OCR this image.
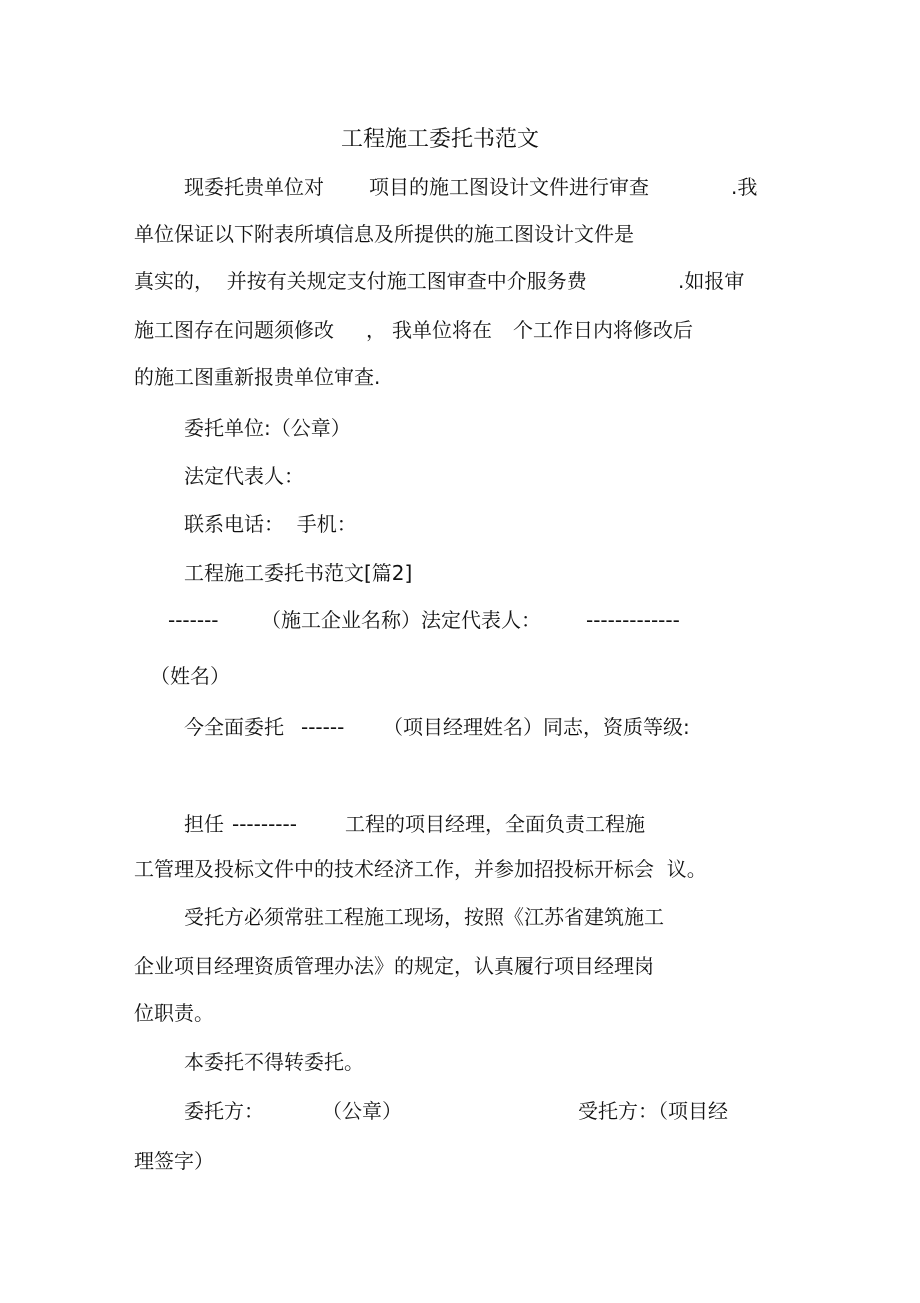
工程施工委托书范文
现委托贵单位对 项目的施工图设计文件进行审查	.我
单位保证以下附表所填信息及所提供的施工图设计文件是
真实的，  并按有关规定支付施工图审查中介服务费	.如报审
施工图存在问题须修改 ， 我单位将在 个工作日内将修改后
的施工图重新报贵单位审查.
委托单位:（公章）
法定代表人：
联系电话：  手机：
工程施工委托书范文[篇2]
------- （施工企业名称）法定代表人： -------------
（姓名）
今全面委托 ------ （项目经理姓名）同志，资质等级:
担任 --------- 工程的项目经理，全面负责工程施
工管理及投标文件中的技术经济工作，并参加招投标开标会  议。
受托方必须常驻工程施工现场，按照《江苏省建筑施工
企业项目经理资质管理办法》的规定，认真履行项目经理岗
位职责。
本委托不得转委托。
委托方：	（公章）	受托方：（项目经
理签字）
